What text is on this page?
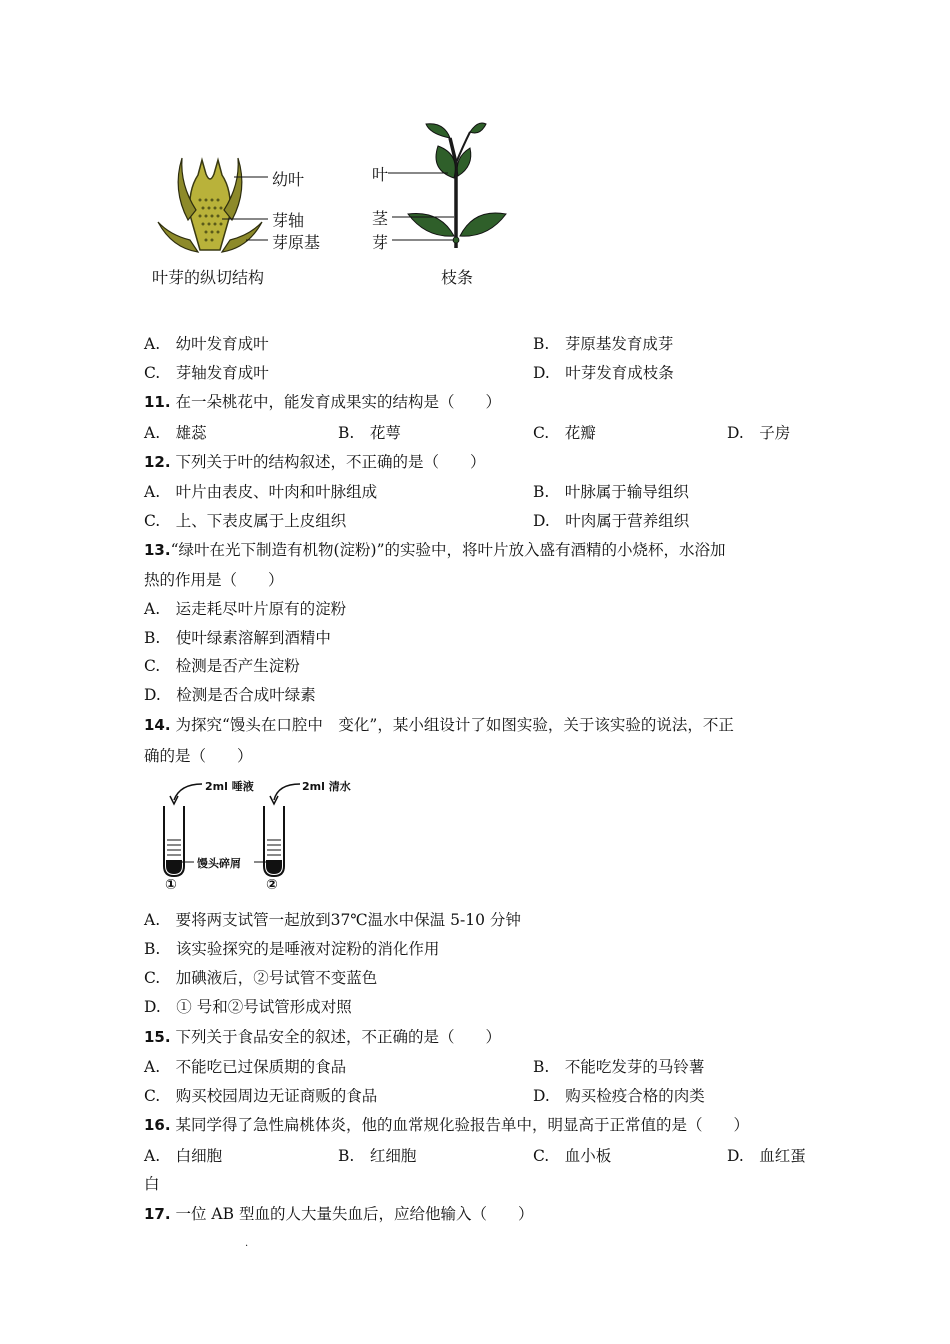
幼叶
芽轴
芽原基
叶芽的纵切结构
叶
茎
芽
枝条
A.　幼叶发育成叶	B.　芽原基发育成芽
C.　芽轴发育成叶	D.　叶芽发育成枝条
11. 在一朵桃花中，能发育成果实的结构是（　　）
A.　雄蕊	B.　花萼	C.　花瓣	D.　子房
12. 下列关于叶的结构叙述，不正确的是（　　）
A.　叶片由表皮、叶肉和叶脉组成	B.　叶脉属于输导组织
C.　上、下表皮属于上皮组织	D.　叶肉属于营养组织
13.“绿叶在光下制造有机物(淀粉)”的实验中，将叶片放入盛有酒精的小烧杯，水浴加
热的作用是（　　）
A.　运走耗尽叶片原有的淀粉
B.　使叶绿素溶解到酒精中
C.　检测是否产生淀粉
D.　检测是否合成叶绿素
14. 为探究“馒头在口腔中　变化”，某小组设计了如图实验，关于该实验的说法，不正
确的是（　　）
2ml 唾液	2ml 清水
馒头碎屑
①	②
A.　要将两支试管一起放到37℃温水中保温 5-10 分钟
B.　该实验探究的是唾液对淀粉的消化作用
C.　加碘液后，②号试管不变蓝色
D.　① 号和②号试管形成对照
15. 下列关于食品安全的叙述，不正确的是（　　）
A.　不能吃已过保质期的食品	B.　不能吃发芽的马铃薯
C.　购买校园周边无证商贩的食品	D.　购买检疫合格的肉类
16. 某同学得了急性扁桃体炎，他的血常规化验报告单中，明显高于正常值的是（　　）
A.　白细胞	B.　红细胞	C.　血小板	D.　血红蛋
白
17. 一位 AB 型血的人大量失血后，应给他输入（　　）
.
